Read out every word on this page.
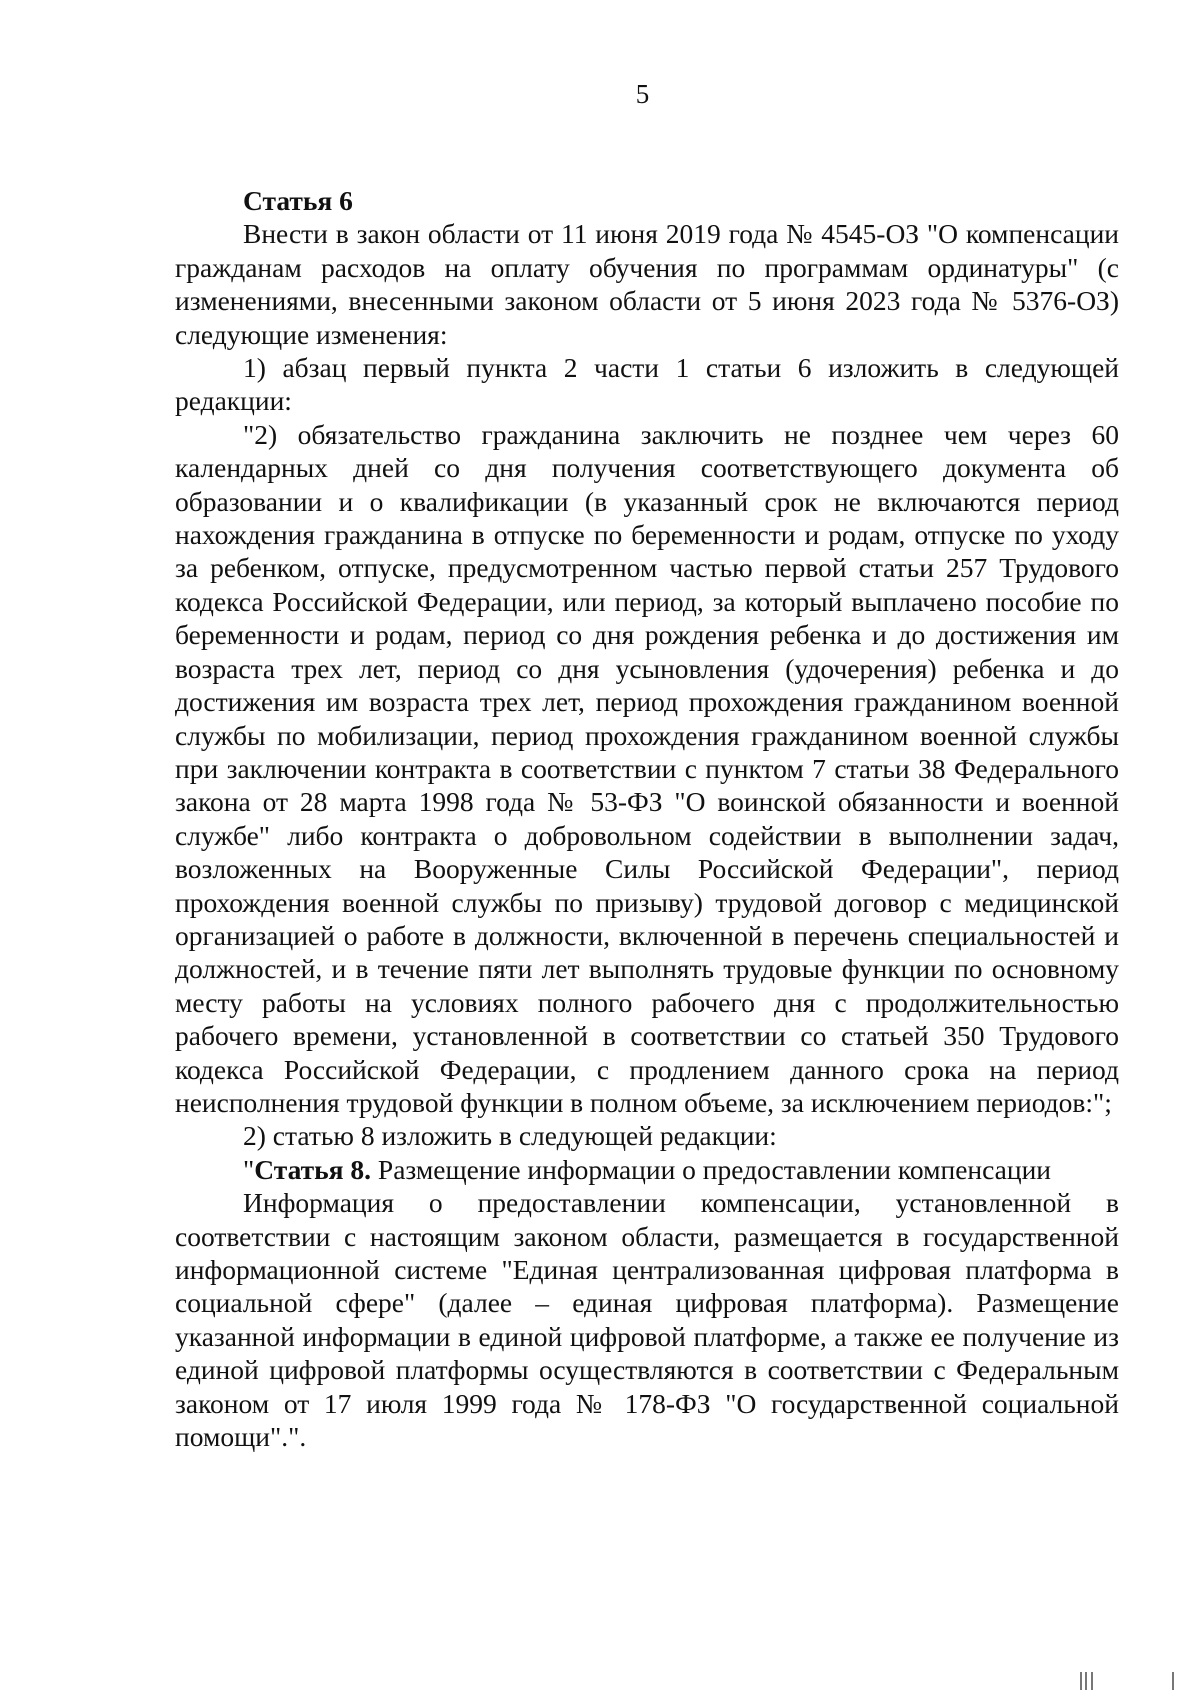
5

Статья 6

Внести в закон области от 11 июня 2019 года № 4545-ОЗ "О компенсации гражданам расходов на оплату обучения по программам ординатуры" (с изменениями, внесенными законом области от 5 июня 2023 года № 5376-ОЗ) следующие изменения:

1) абзац первый пункта 2 части 1 статьи 6 изложить в следующей редакции:

"2) обязательство гражданина заключить не позднее чем через 60 календарных дней со дня получения соответствующего документа об образовании и о квалификации (в указанный срок не включаются период нахождения гражданина в отпуске по беременности и родам, отпуске по уходу за ребенком, отпуске, предусмотренном частью первой статьи 257 Трудового кодекса Российской Федерации, или период, за который выплачено пособие по беременности и родам, период со дня рождения ребенка и до достижения им возраста трех лет, период со дня усыновления (удочерения) ребенка и до достижения им возраста трех лет, период прохождения гражданином военной службы по мобилизации, период прохождения гражданином военной службы при заключении контракта в соответствии с пунктом 7 статьи 38 Федерального закона от 28 марта 1998 года № 53-ФЗ "О воинской обязанности и военной службе" либо контракта о добровольном содействии в выполнении задач, возложенных на Вооруженные Силы Российской Федерации", период прохождения военной службы по призыву) трудовой договор с медицинской организацией о работе в должности, включенной в перечень специальностей и должностей, и в течение пяти лет выполнять трудовые функции по основному месту работы на условиях полного рабочего дня с продолжительностью рабочего времени, установленной в соответствии со статьей 350 Трудового кодекса Российской Федерации, с продлением данного срока на период неисполнения трудовой функции в полном объеме, за исключением периодов:";

2) статью 8 изложить в следующей редакции:

"Статья 8. Размещение информации о предоставлении компенсации

Информация о предоставлении компенсации, установленной в соответствии с настоящим законом области, размещается в государственной информационной системе "Единая централизованная цифровая платформа в социальной сфере" (далее – единая цифровая платформа). Размещение указанной информации в единой цифровой платформе, а также ее получение из единой цифровой платформы осуществляются в соответствии с Федеральным законом от 17 июля 1999 года № 178-ФЗ "О государственной социальной помощи".".
